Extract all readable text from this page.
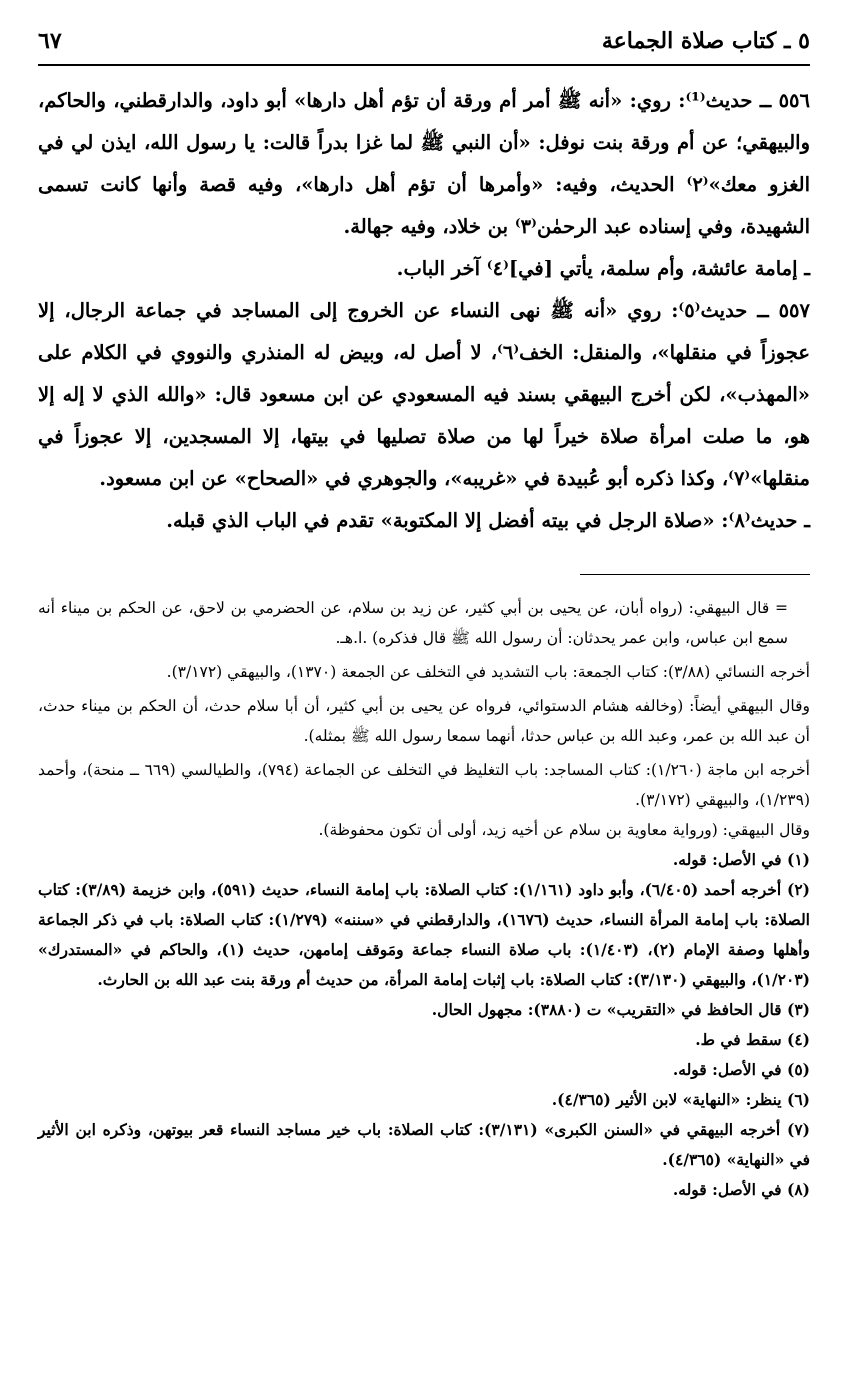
٥ ـ كتاب صلاة الجماعة
٦٧

٥٥٦ ــ حديث⁽¹⁾: روي: «أنه ﷺ أمر أم ورقة أن تؤم أهل دارها» أبو داود، والدارقطني، والحاكم، والبيهقي؛ عن أم ورقة بنت نوفل: «أن النبي ﷺ لما غزا بدراً قالت: يا رسول الله، ايذن لي في الغزو معك»⁽٢⁾ الحديث، وفيه: «وأمرها أن تؤم أهل دارها»، وفيه قصة وأنها كانت تسمى الشهيدة، وفي إسناده عبد الرحمٰن⁽٣⁾ بن خلاد، وفيه جهالة.

ـ إمامة عائشة، وأم سلمة، يأتي [في]⁽٤⁾ آخر الباب.

٥٥٧ ــ حديث⁽٥⁾: روي «أنه ﷺ نهى النساء عن الخروج إلى المساجد في جماعة الرجال، إلا عجوزاً في منقلها»، والمنقل: الخف⁽٦⁾، لا أصل له، وبيض له المنذري والنووي في الكلام على «المهذب»، لكن أخرج البيهقي بسند فيه المسعودي عن ابن مسعود قال: «والله الذي لا إله إلا هو، ما صلت امرأة صلاة خيراً لها من صلاة تصليها في بيتها، إلا المسجدين، إلا عجوزاً في منقلها»⁽٧⁾، وكذا ذكره أبو عُبيدة في «غريبه»، والجوهري في «الصحاح» عن ابن مسعود.

ـ حديث⁽٨⁾: «صلاة الرجل في بيته أفضل إلا المكتوبة» تقدم في الباب الذي قبله.

= قال البيهقي: (رواه أبان، عن يحيى بن أبي كثير، عن زيد بن سلام، عن الحضرمي بن لاحق، عن الحكم بن ميناء أنه سمع ابن عباس، وابن عمر يحدثان: أن رسول الله ﷺ قال فذكره) .ا.هـ.

أخرجه النسائي (٣/٨٨): كتاب الجمعة: باب التشديد في التخلف عن الجمعة (١٣٧٠)، والبيهقي (٣/١٧٢).

وقال البيهقي أيضاً: (وخالفه هشام الدستوائي، فرواه عن يحيى بن أبي كثير، أن أبا سلام حدث، أن الحكم بن ميناء حدث، أن عبد الله بن عمر، وعبد الله بن عباس حدثا، أنهما سمعا رسول الله ﷺ بمثله).

أخرجه ابن ماجة (١/٢٦٠): كتاب المساجد: باب التغليظ في التخلف عن الجماعة (٧٩٤)، والطيالسي (٦٦٩ ــ منحة)، وأحمد (١/٢٣٩)، والبيهقي (٣/١٧٢).

وقال البيهقي: (ورواية معاوية بن سلام عن أخيه زيد، أولى أن تكون محفوظة).

(١) في الأصل: قوله.

(٢) أخرجه أحمد (٦/٤٠٥)، وأبو داود (١/١٦١): كتاب الصلاة: باب إمامة النساء، حديث (٥٩١)، وابن خزيمة (٣/٨٩): كتاب الصلاة: باب إمامة المرأة النساء، حديث (١٦٧٦)، والدارقطني في «سننه» (١/٢٧٩): كتاب الصلاة: باب في ذكر الجماعة وأهلها وصفة الإمام (٢)، (١/٤٠٣): باب صلاة النساء جماعة ومَوقف إمامهن، حديث (١)، والحاكم في «المستدرك» (١/٢٠٣)، والبيهقي (٣/١٣٠): كتاب الصلاة: باب إثبات إمامة المرأة، من حديث أم ورقة بنت عبد الله بن الحارث.

(٣) قال الحافظ في «التقريب» ت (٣٨٨٠): مجهول الحال.

(٤) سقط في ط.

(٥) في الأصل: قوله.

(٦) ينظر: «النهاية» لابن الأثير (٤/٣٦٥).

(٧) أخرجه البيهقي في «السنن الكبرى» (٣/١٣١): كتاب الصلاة: باب خير مساجد النساء قعر بيوتهن، وذكره ابن الأثير في «النهاية» (٤/٣٦٥).

(٨) في الأصل: قوله.
